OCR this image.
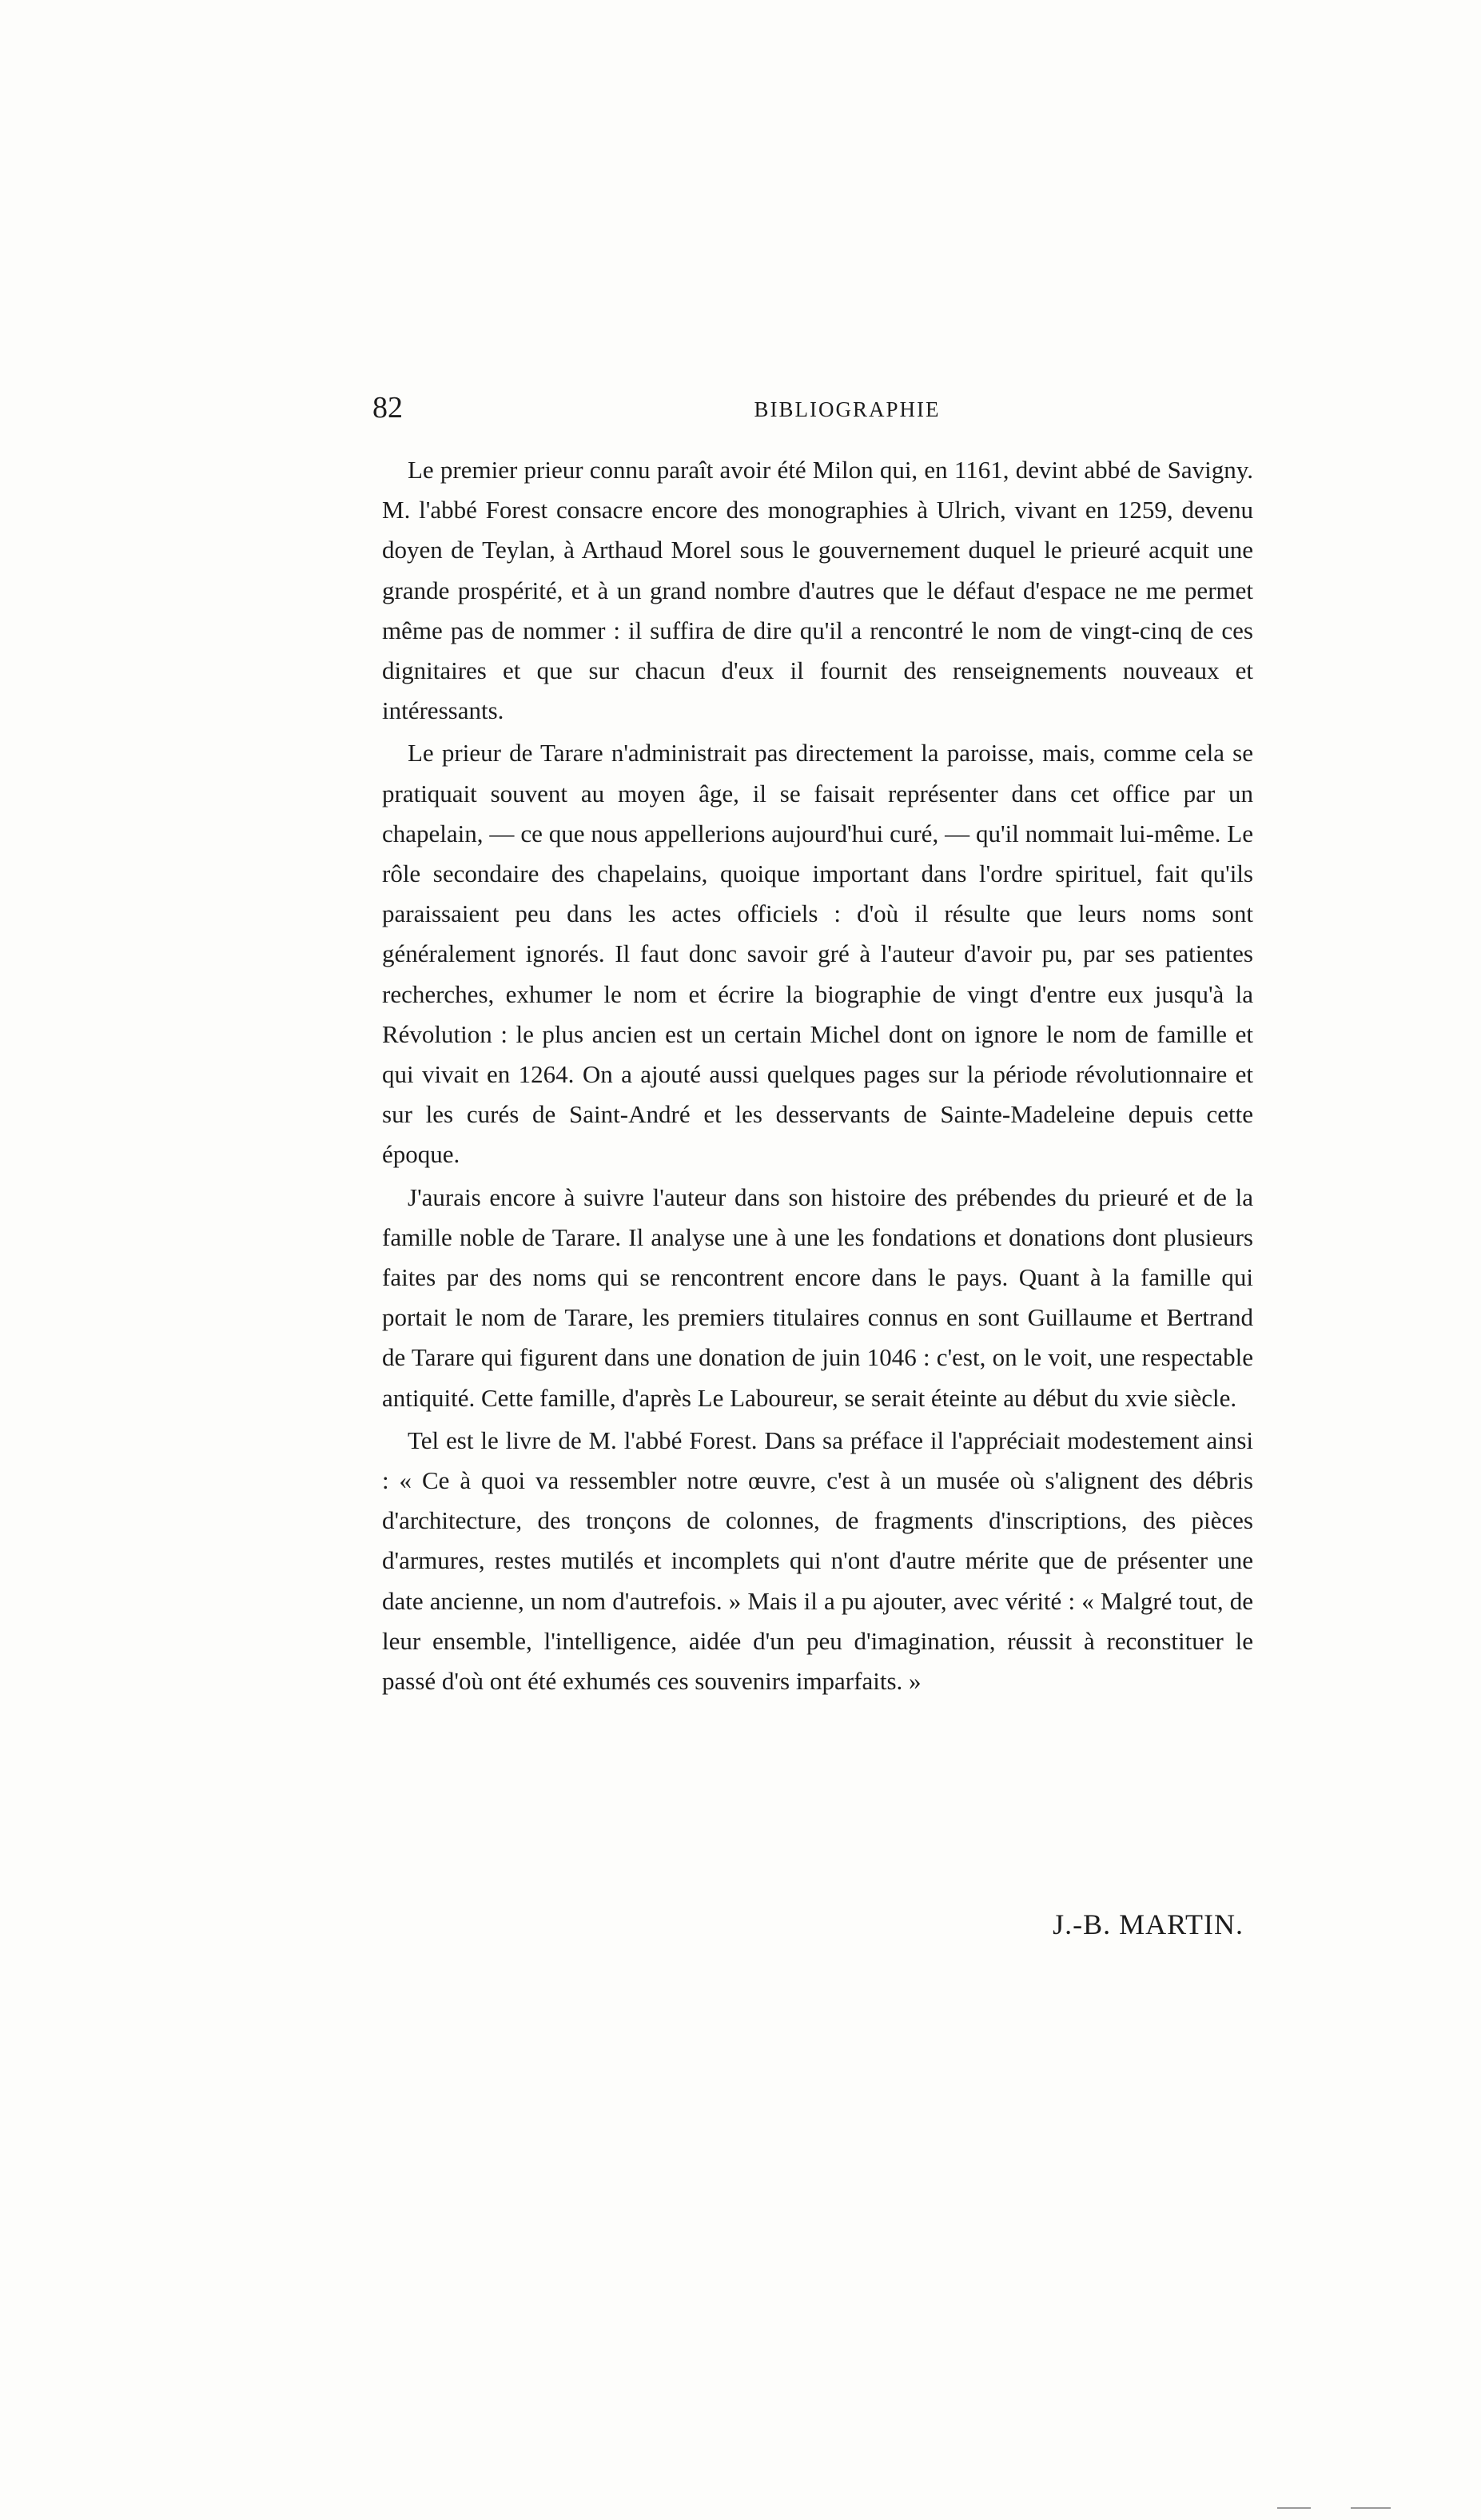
82	BIBLIOGRAPHIE

Le premier prieur connu paraît avoir été Milon qui, en 1161, devint abbé de Savigny. M. l'abbé Forest consacre encore des monographies à Ulrich, vivant en 1259, devenu doyen de Teylan, à Arthaud Morel sous le gouvernement duquel le prieuré acquit une grande prospérité, et à un grand nombre d'autres que le défaut d'espace ne me permet même pas de nommer : il suffira de dire qu'il a rencontré le nom de vingt-cinq de ces dignitaires et que sur chacun d'eux il fournit des renseignements nouveaux et intéressants.

Le prieur de Tarare n'administrait pas directement la paroisse, mais, comme cela se pratiquait souvent au moyen âge, il se faisait représenter dans cet office par un chapelain, — ce que nous appellerions aujourd'hui curé, — qu'il nommait lui-même. Le rôle secondaire des chapelains, quoique important dans l'ordre spirituel, fait qu'ils paraissaient peu dans les actes officiels : d'où il résulte que leurs noms sont généralement ignorés. Il faut donc savoir gré à l'auteur d'avoir pu, par ses patientes recherches, exhumer le nom et écrire la biographie de vingt d'entre eux jusqu'à la Révolution : le plus ancien est un certain Michel dont on ignore le nom de famille et qui vivait en 1264. On a ajouté aussi quelques pages sur la période révolutionnaire et sur les curés de Saint-André et les desservants de Sainte-Madeleine depuis cette époque.

J'aurais encore à suivre l'auteur dans son histoire des prébendes du prieuré et de la famille noble de Tarare. Il analyse une à une les fondations et donations dont plusieurs faites par des noms qui se rencontrent encore dans le pays. Quant à la famille qui portait le nom de Tarare, les premiers titulaires connus en sont Guillaume et Bertrand de Tarare qui figurent dans une donation de juin 1046 : c'est, on le voit, une respectable antiquité. Cette famille, d'après Le Laboureur, se serait éteinte au début du xvie siècle.

Tel est le livre de M. l'abbé Forest. Dans sa préface il l'appréciait modestement ainsi : « Ce à quoi va ressembler notre œuvre, c'est à un musée où s'alignent des débris d'architecture, des tronçons de colonnes, de fragments d'inscriptions, des pièces d'armures, restes mutilés et incomplets qui n'ont d'autre mérite que de présenter une date ancienne, un nom d'autrefois. » Mais il a pu ajouter, avec vérité : « Malgré tout, de leur ensemble, l'intelligence, aidée d'un peu d'imagination, réussit à reconstituer le passé d'où ont été exhumés ces souvenirs imparfaits. »

J.-B. MARTIN.
